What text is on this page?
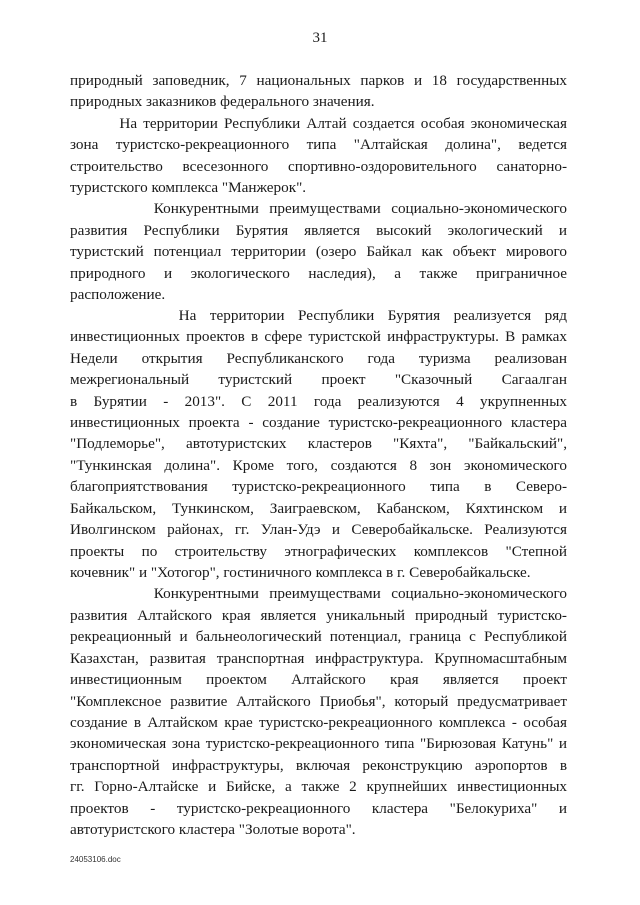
31
природный заповедник, 7 национальных парков и 18 государственных
природных заказников федерального значения.
На территории Республики Алтай создается особая экономическая
зона туристско-рекреационного типа "Алтайская долина", ведется
строительство всесезонного спортивно-оздоровительного санаторно-
туристского комплекса "Манжерок".
Конкурентными преимуществами социально-экономического
развития Республики Бурятия является высокий экологический и
туристский потенциал территории (озеро Байкал как объект мирового
природного и экологического наследия), а также приграничное
расположение.
На территории Республики Бурятия реализуется ряд
инвестиционных проектов в сфере туристской инфраструктуры. В рамках
Недели открытия Республиканского года туризма реализован
межрегиональный туристский проект "Сказочный Сагаалган
в Бурятии - 2013". С 2011 года реализуются 4 укрупненных
инвестиционных проекта - создание туристско-рекреационного кластера
"Подлеморье", автотуристских кластеров "Кяхта", "Байкальский",
"Тункинская долина". Кроме того, создаются 8 зон экономического
благоприятствования туристско-рекреационного типа в Северо-
Байкальском, Тункинском, Заиграевском, Кабанском, Кяхтинском и
Иволгинском районах, гг. Улан-Удэ и Северобайкальске. Реализуются
проекты по строительству этнографических комплексов "Степной
кочевник" и "Хотогор", гостиничного комплекса в г. Северобайкальске.
Конкурентными преимуществами социально-экономического
развития Алтайского края является уникальный природный туристско-
рекреационный и бальнеологический потенциал, граница с Республикой
Казахстан, развитая транспортная инфраструктура. Крупномасштабным
инвестиционным проектом Алтайского края является проект
"Комплексное развитие Алтайского Приобья", который предусматривает
создание в Алтайском крае туристско-рекреационного комплекса - особая
экономическая зона туристско-рекреационного типа "Бирюзовая Катунь" и
транспортной инфраструктуры, включая реконструкцию аэропортов в
гг. Горно-Алтайске и Бийске, а также 2 крупнейших инвестиционных
проектов - туристско-рекреационного кластера "Белокуриха" и
автотуристского кластера "Золотые ворота".
24053106.doc
